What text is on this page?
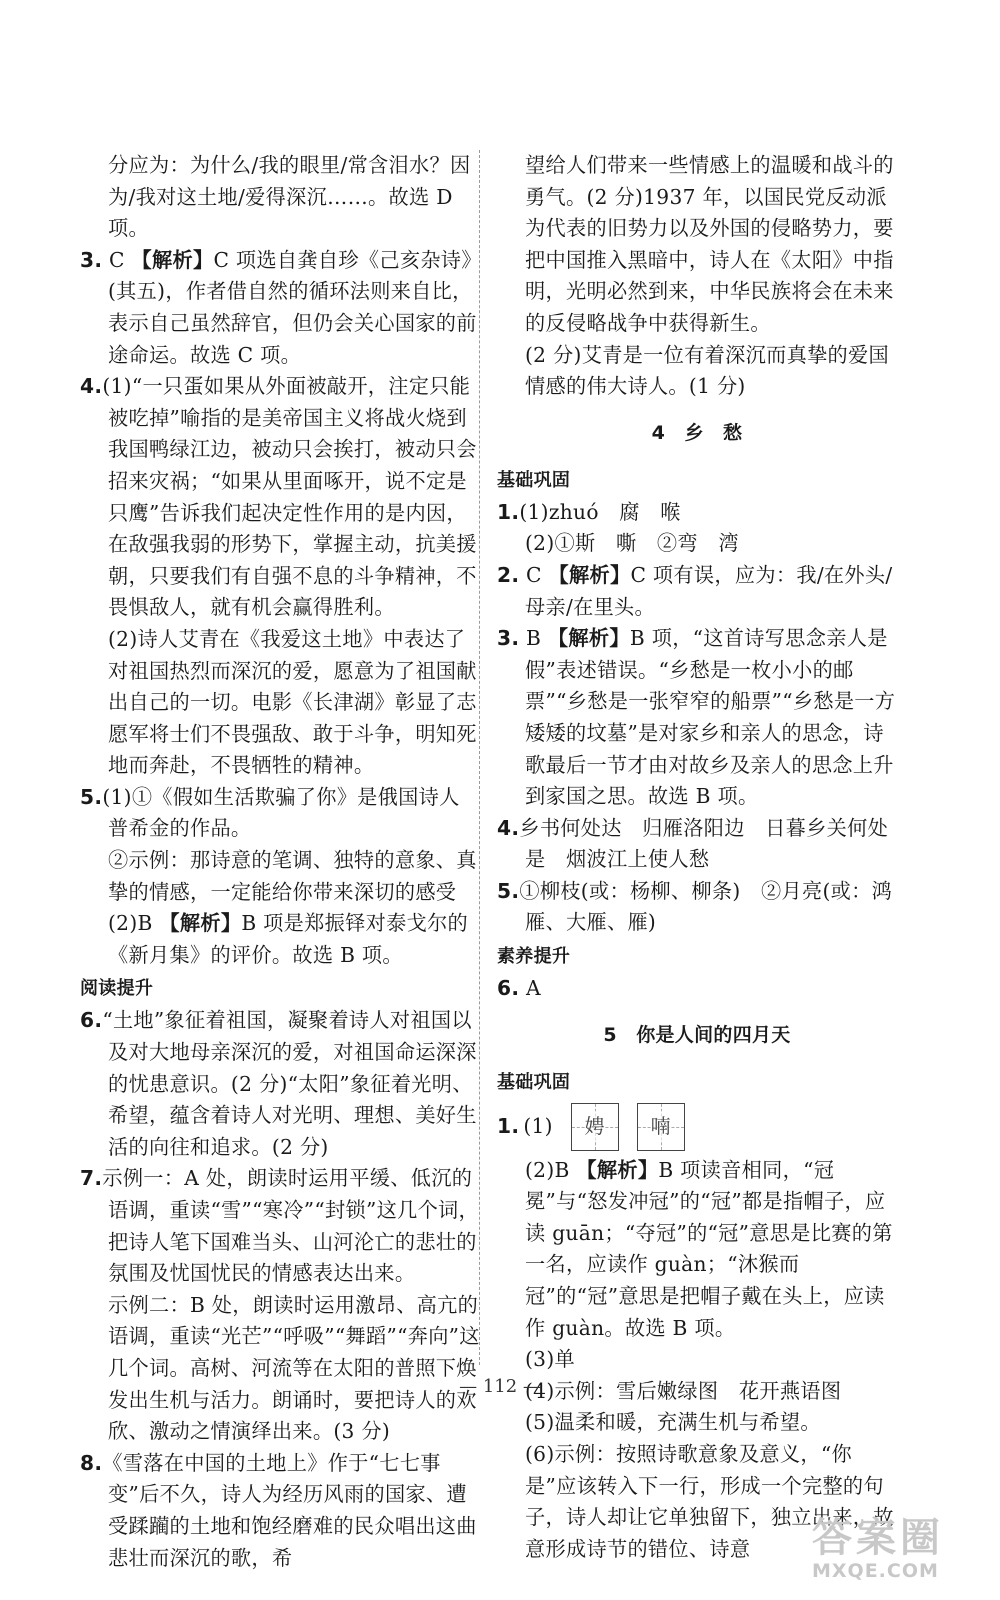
分应为：为什么/我的眼里/常含泪水？因为/我对这土地/爱得深沉……。故选 D 项。

3. C 【解析】C 项选自龚自珍《己亥杂诗》(其五)，作者借自然的循环法则来自比，表示自己虽然辞官，但仍会关心国家的前途命运。故选 C 项。

4.(1)“一只蛋如果从外面被敲开，注定只能被吃掉”喻指的是美帝国主义将战火烧到我国鸭绿江边，被动只会挨打，被动只会招来灾祸；“如果从里面啄开，说不定是只鹰”告诉我们起决定性作用的是内因，在敌强我弱的形势下，掌握主动，抗美援朝，只要我们有自强不息的斗争精神，不畏惧敌人，就有机会赢得胜利。

(2)诗人艾青在《我爱这土地》中表达了对祖国热烈而深沉的爱，愿意为了祖国献出自己的一切。电影《长津湖》彰显了志愿军将士们不畏强敌、敢于斗争，明知死地而奔赴，不畏牺牲的精神。

5.(1)①《假如生活欺骗了你》是俄国诗人普希金的作品。

②示例：那诗意的笔调、独特的意象、真挚的情感，一定能给你带来深切的感受

(2)B 【解析】B 项是郑振铎对泰戈尔的《新月集》的评价。故选 B 项。

阅读提升

6.“土地”象征着祖国，凝聚着诗人对祖国以及对大地母亲深沉的爱，对祖国命运深深的忧患意识。(2 分)“太阳”象征着光明、希望，蕴含着诗人对光明、理想、美好生活的向往和追求。(2 分)

7.示例一：A 处，朗读时运用平缓、低沉的语调，重读“雪”“寒冷”“封锁”这几个词，把诗人笔下国难当头、山河沦亡的悲壮的氛围及忧国忧民的情感表达出来。

示例二：B 处，朗读时运用激昂、高亢的语调，重读“光芒”“呼吸”“舞蹈”“奔向”这几个词。高树、河流等在太阳的普照下焕发出生机与活力。朗诵时，要把诗人的欢欣、激动之情演绎出来。(3 分)

8.《雪落在中国的土地上》作于“七七事变”后不久，诗人为经历风雨的国家、遭受蹂躏的土地和饱经磨难的民众唱出这曲悲壮而深沉的歌，希

望给人们带来一些情感上的温暖和战斗的勇气。(2 分)1937 年，以国民党反动派为代表的旧势力以及外国的侵略势力，要把中国推入黑暗中，诗人在《太阳》中指明，光明必然到来，中华民族将会在未来的反侵略战争中获得新生。

(2 分)艾青是一位有着深沉而真挚的爱国情感的伟大诗人。(1 分)

4　乡　愁
基础巩固

1.(1)zhuó　腐　喉

(2)①斯　嘶　②弯　湾

2. C 【解析】C 项有误，应为：我/在外头/母亲/在里头。

3. B 【解析】B 项，“这首诗写思念亲人是假”表述错误。“乡愁是一枚小小的邮票”“乡愁是一张窄窄的船票”“乡愁是一方矮矮的坟墓”是对家乡和亲人的思念，诗歌最后一节才由对故乡及亲人的思念上升到家国之思。故选 B 项。

4.乡书何处达　归雁洛阳边　日暮乡关何处是　烟波江上使人愁

5.①柳枝(或：杨柳、柳条)　②月亮(或：鸿雁、大雁、雁)

素养提升

6. A

5　你是人间的四月天
基础巩固
1. (1) 娉 喃

(2)B 【解析】B 项读音相同，“冠冕”与“怒发冲冠”的“冠”都是指帽子，应读 guān；“夺冠”的“冠”意思是比赛的第一名，应读作 guàn；“沐猴而冠”的“冠”意思是把帽子戴在头上，应读作 guàn。故选 B 项。

(3)单

(4)示例：雪后嫩绿图　花开燕语图

(5)温柔和暖，充满生机与希望。

(6)示例：按照诗歌意象及意义，“你是”应该转入下一行，形成一个完整的句子，诗人却让它单独留下，独立出来，故意形成诗节的错位、诗意

— 112 —
答案圈
MXQE.COM
